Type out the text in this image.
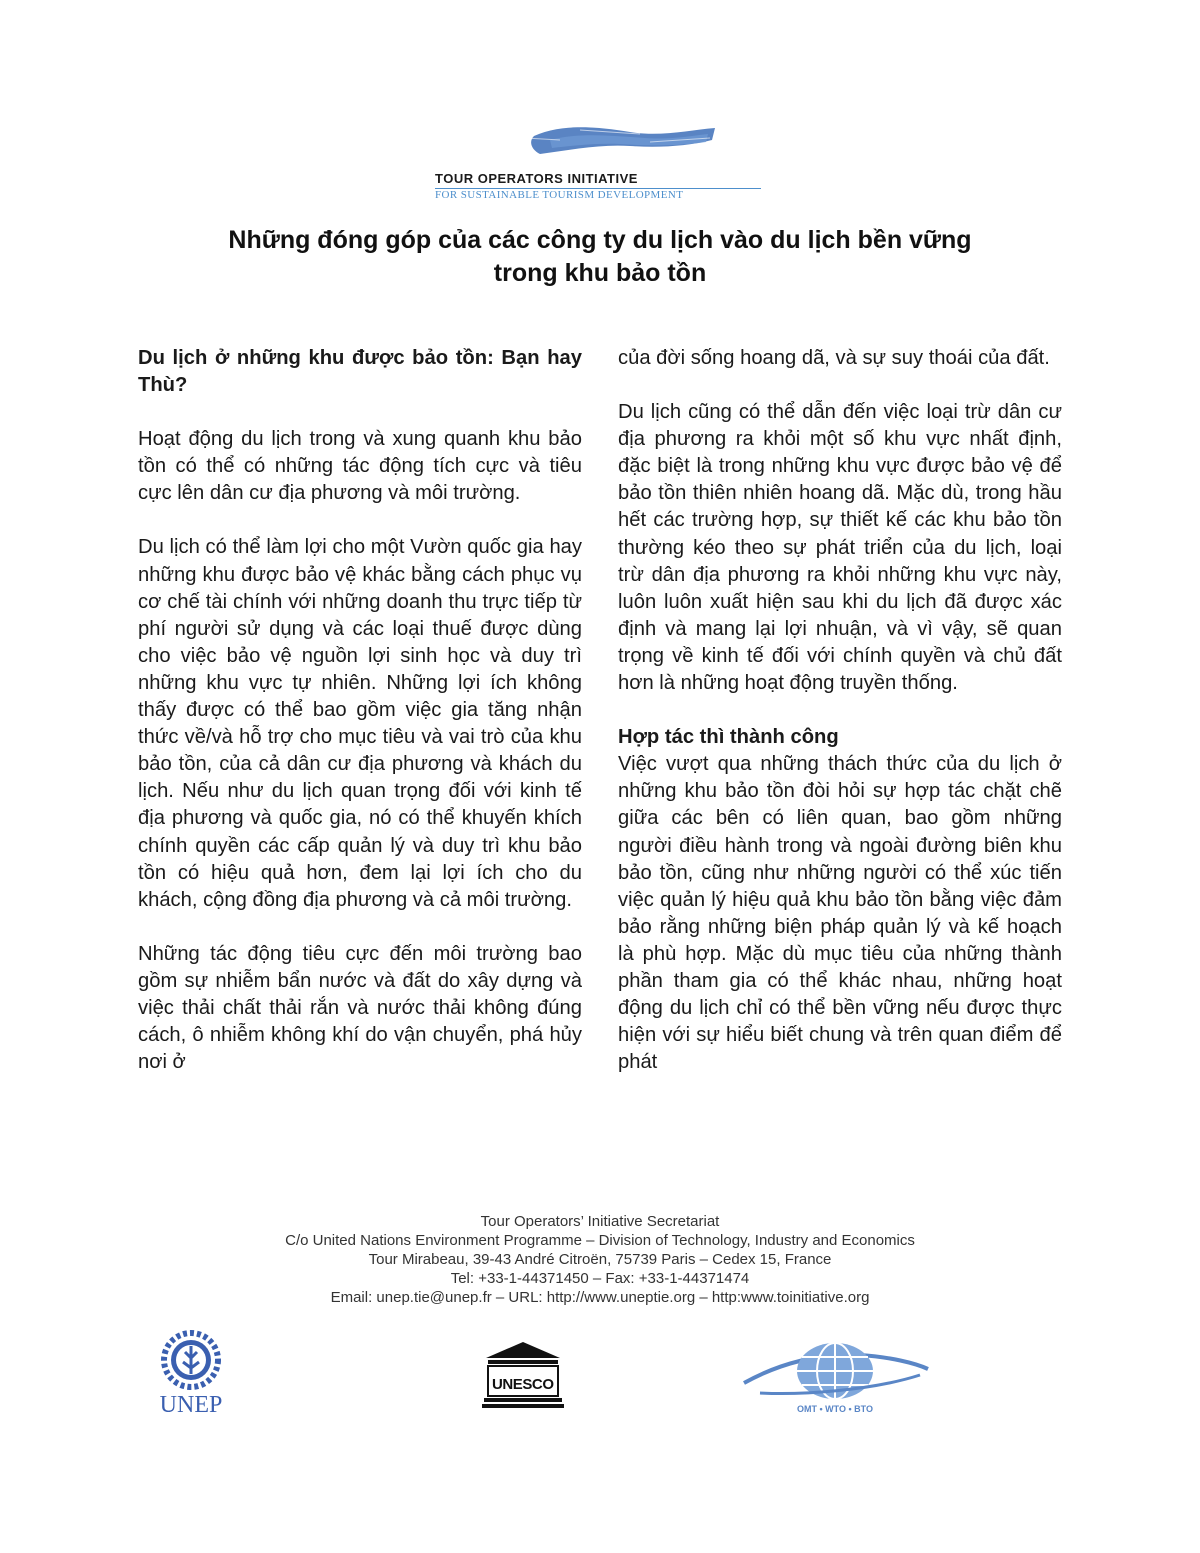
TOUR OPERATORS INITIATIVE
FOR SUSTAINABLE TOURISM DEVELOPMENT
Những đóng góp của các công ty du lịch vào du lịch bền vững
trong khu bảo tồn

Du lịch ở những khu được bảo tồn: Bạn hay Thù?

Hoạt động du lịch trong và xung quanh khu bảo tồn có thể có những tác động tích cực và tiêu cực lên dân cư địa phương và môi trường.

Du lịch có thể làm lợi cho một Vườn quốc gia hay những khu được bảo vệ khác bằng cách phục vụ cơ chế tài chính với những doanh thu trực tiếp từ phí người sử dụng và các loại thuế được dùng cho việc bảo vệ nguồn lợi sinh học và duy trì những khu vực tự nhiên. Những lợi ích không thấy được có thể bao gồm việc gia tăng nhận thức về/và hỗ trợ cho mục tiêu và vai trò của khu bảo tồn, của cả dân cư địa phương và khách du lịch. Nếu như du lịch quan trọng đối với kinh tế địa phương và quốc gia, nó có thể khuyến khích chính quyền các cấp quản lý và duy trì khu bảo tồn có hiệu quả hơn, đem lại lợi ích cho du khách, cộng đồng địa phương và cả môi trường.

Những tác động tiêu cực đến môi trường bao gồm sự nhiễm bẩn nước và đất do xây dựng và việc thải chất thải rắn và nước thải không đúng cách, ô nhiễm không khí do vận chuyển, phá hủy nơi ở

của đời sống hoang dã, và sự suy thoái của đất.

Du lịch cũng có thể dẫn đến việc loại trừ dân cư địa phương ra khỏi một số khu vực nhất định, đặc biệt là trong những khu vực được bảo vệ để bảo tồn thiên nhiên hoang dã. Mặc dù, trong hầu hết các trường hợp, sự thiết kế các khu bảo tồn thường kéo theo sự phát triển của du lịch, loại trừ dân địa phương ra khỏi những khu vực này, luôn luôn xuất hiện sau khi du lịch đã được xác định và mang lại lợi nhuận, và vì vậy, sẽ quan trọng về kinh tế đối với chính quyền và chủ đất hơn là những hoạt động truyền thống.

Hợp tác thì thành công

Việc vượt qua những thách thức của du lịch ở những khu bảo tồn đòi hỏi sự hợp tác chặt chẽ giữa các bên có liên quan, bao gồm những người điều hành trong và ngoài đường biên khu bảo tồn, cũng như những người có thể xúc tiến việc quản lý hiệu quả khu bảo tồn bằng việc đảm bảo rằng những biện pháp quản lý và kế hoạch là phù hợp. Mặc dù mục tiêu của những thành phần tham gia có thể khác nhau, những hoạt động du lịch chỉ có thể bền vững nếu được thực hiện với sự hiểu biết chung và trên quan điểm để phát

Tour Operators’ Initiative Secretariat
C/o United Nations Environment Programme – Division of Technology, Industry and Economics
Tour Mirabeau, 39-43 André Citroën, 75739 Paris – Cedex 15, France
Tel: +33-1-44371450 – Fax: +33-1-44371474
Email: unep.tie@unep.fr – URL: http://www.uneptie.org – http:www.toinitiative.org
UNEP
UNESCO
OMT • WTO • BTO
